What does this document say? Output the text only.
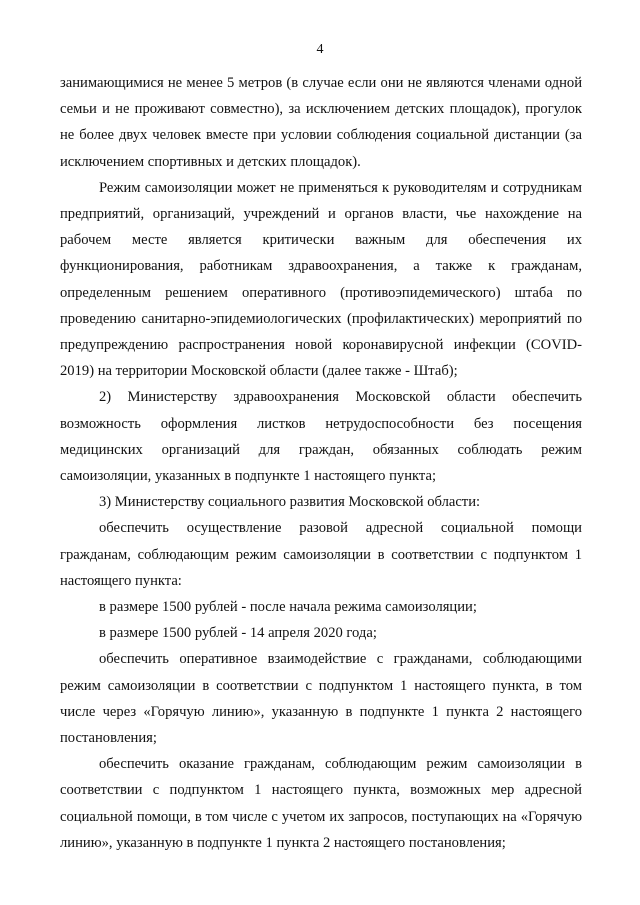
4

занимающимися не менее 5 метров (в случае если они не являются членами одной семьи и не проживают совместно), за исключением детских площадок), прогулок не более двух человек вместе при условии соблюдения социальной дистанции (за исключением спортивных и детских площадок).

Режим самоизоляции может не применяться к руководителям и сотрудникам предприятий, организаций, учреждений и органов власти, чье нахождение на рабочем месте является критически важным для обеспечения их функционирования, работникам здравоохранения, а также к гражданам, определенным решением оперативного (противоэпидемического) штаба по проведению санитарно-эпидемиологических (профилактических) мероприятий по предупреждению распространения новой коронавирусной инфекции (COVID-2019) на территории Московской области (далее также - Штаб);

2) Министерству здравоохранения Московской области обеспечить возможность оформления листков нетрудоспособности без посещения медицинских организаций для граждан, обязанных соблюдать режим самоизоляции, указанных в подпункте 1 настоящего пункта;

3) Министерству социального развития Московской области:

обеспечить осуществление разовой адресной социальной помощи гражданам, соблюдающим режим самоизоляции в соответствии с подпунктом 1 настоящего пункта:

в размере 1500 рублей - после начала режима самоизоляции;

в размере 1500 рублей - 14 апреля 2020 года;

обеспечить оперативное взаимодействие с гражданами, соблюдающими режим самоизоляции в соответствии с подпунктом 1 настоящего пункта, в том числе через «Горячую линию», указанную в подпункте 1 пункта 2 настоящего постановления;

обеспечить оказание гражданам, соблюдающим режим самоизоляции в соответствии с подпунктом 1 настоящего пункта, возможных мер адресной социальной помощи, в том числе с учетом их запросов, поступающих на «Горячую линию», указанную в подпункте 1 пункта 2 настоящего постановления;
